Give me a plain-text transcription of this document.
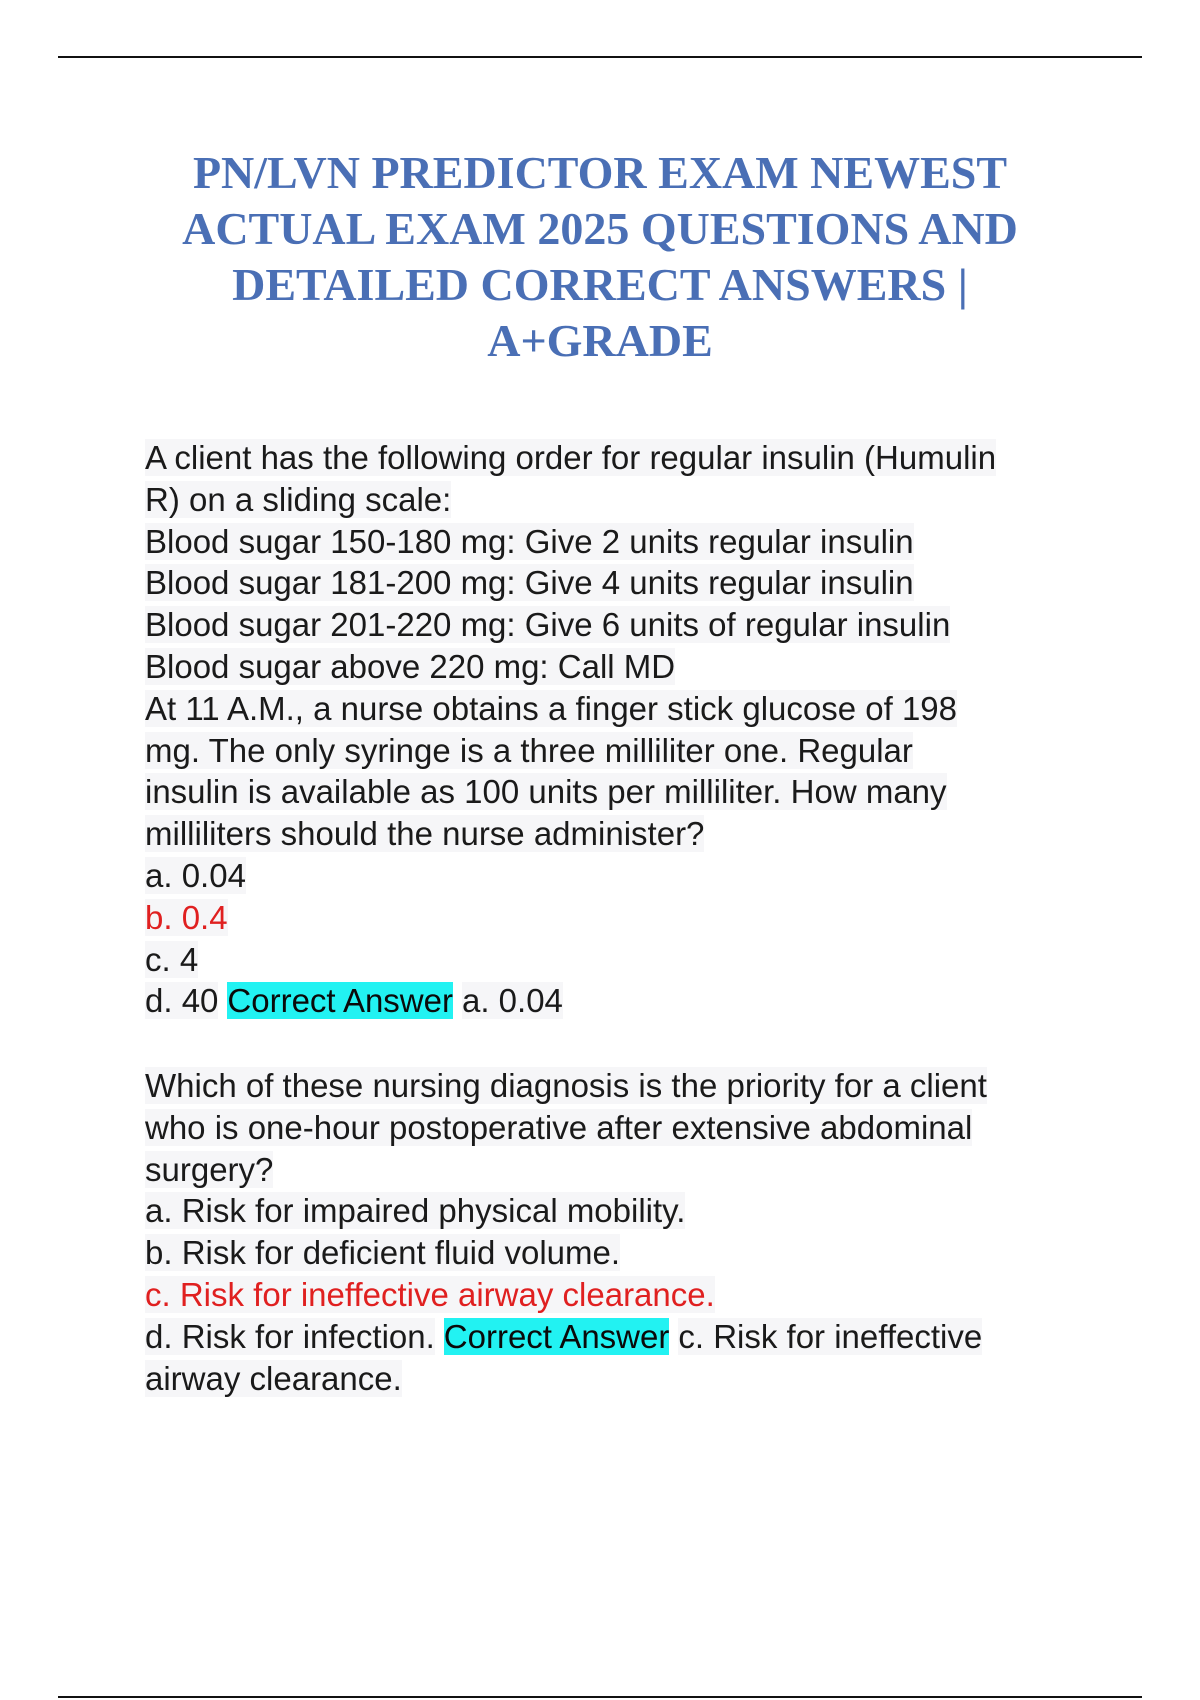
PN/LVN PREDICTOR EXAM NEWEST
ACTUAL EXAM 2025 QUESTIONS AND
DETAILED CORRECT ANSWERS |
A+GRADE
A client has the following order for regular insulin (Humulin
R) on a sliding scale:
Blood sugar 150-180 mg: Give 2 units regular insulin
Blood sugar 181-200 mg: Give 4 units regular insulin
Blood sugar 201-220 mg: Give 6 units of regular insulin
Blood sugar above 220 mg: Call MD
At 11 A.M., a nurse obtains a finger stick glucose of 198
mg. The only syringe is a three milliliter one. Regular
insulin is available as 100 units per milliliter. How many
milliliters should the nurse administer?
a. 0.04
b. 0.4
c. 4
d. 40 Correct Answer a. 0.04
Which of these nursing diagnosis is the priority for a client
who is one-hour postoperative after extensive abdominal
surgery?
a. Risk for impaired physical mobility.
b. Risk for deficient fluid volume.
c. Risk for ineffective airway clearance.
d. Risk for infection. Correct Answer c. Risk for ineffective
airway clearance.
